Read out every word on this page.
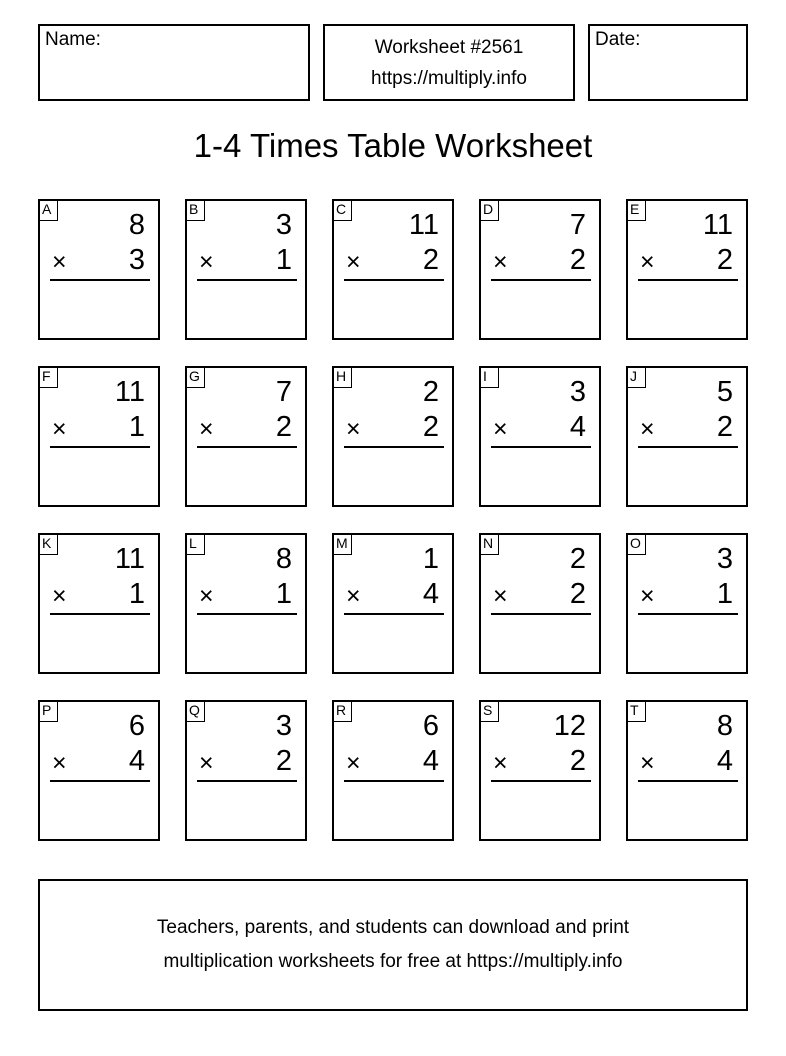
Name:	Worksheet #2561
https://multiply.info
Date:
1-4 Times Table Worksheet
A	8
× 3
B	3
× 1
C 11
× 2
D	7
× 2
E 11
× 2
F 11
× 1
G	7
× 2
H	2
× 2
I	3
× 4
J	5
× 2
K 11
× 1
L	8
× 1
M	1
× 4
N	2
× 2
O	3
× 1
P	6
× 4
Q	3
× 2
R	6
× 4
S 12
× 2
T	8
× 4
Teachers, parents, and students can download and print
multiplication worksheets for free at https://multiply.info
